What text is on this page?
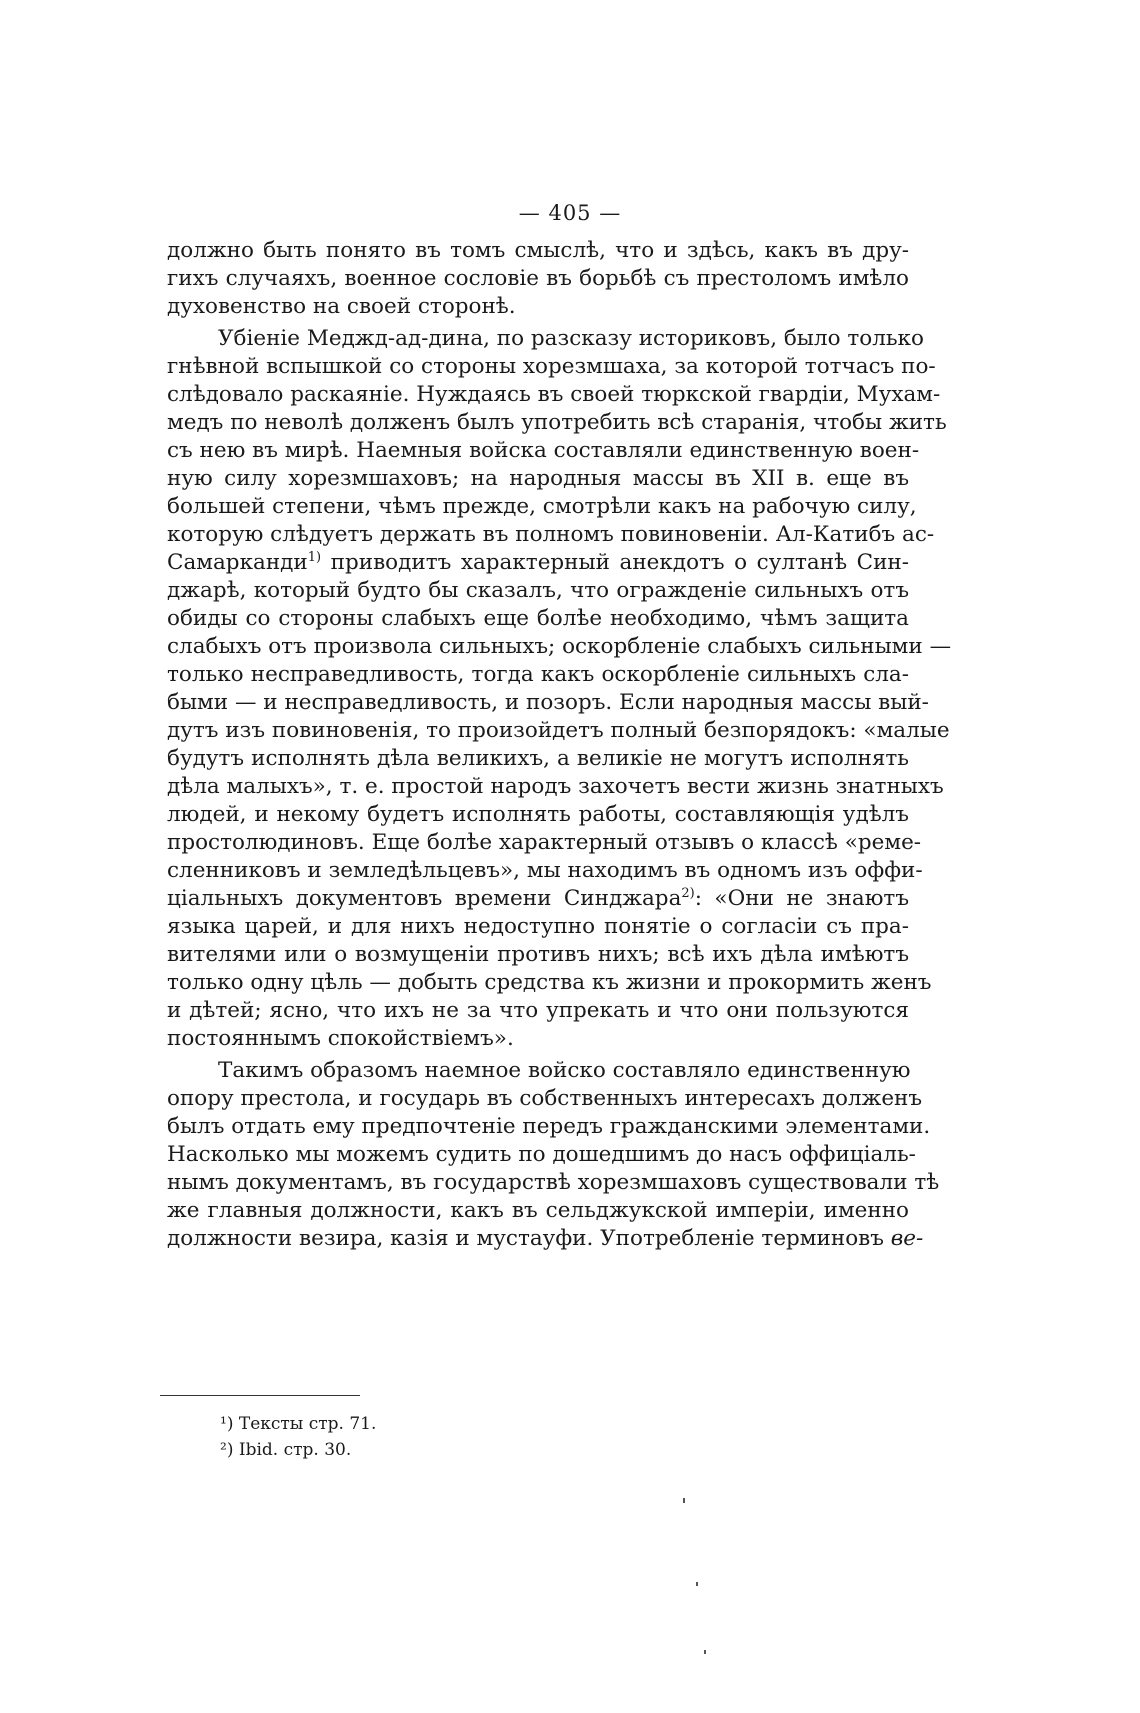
— 405 —
должно быть понято въ томъ смыслѣ, что и здѣсь, какъ въ дру-
гихъ случаяхъ, военное сословіе въ борьбѣ съ престоломъ имѣло
духовенство на своей сторонѣ.
Убіеніе Меджд-ад-дина, по разсказу историковъ, было только
гнѣвной вспышкой со стороны хорезмшаха, за которой тотчасъ по-
слѣдовало раскаяніе. Нуждаясь въ своей тюркской гвардіи, Мухам-
медъ по неволѣ долженъ былъ употребить всѣ старанія, чтобы жить
съ нею въ мирѣ. Наемныя войска составляли единственную воен-
ную силу хорезмшаховъ; на народныя массы въ XII в. еще въ
большей степени, чѣмъ прежде, смотрѣли какъ на рабочую силу,
которую слѣдуетъ держать въ полномъ повиновеніи. Ал-Катибъ ас-
Самарканди$^{1)}$ приводитъ характерный анекдотъ о султанѣ Син-
джарѣ, который будто бы сказалъ, что огражденіе сильныхъ отъ
обиды со стороны слабыхъ еще болѣе необходимо, чѣмъ защита
слабыхъ отъ произвола сильныхъ; оскорбленіе слабыхъ сильными —
только несправедливость, тогда какъ оскорбленіе сильныхъ сла-
быми — и несправедливость, и позоръ. Если народныя массы вый-
дутъ изъ повиновенія, то произойдетъ полный безпорядокъ: «малые
будутъ исполнять дѣла великихъ, а великіе не могутъ исполнять
дѣла малыхъ», т. е. простой народъ захочетъ вести жизнь знатныхъ
людей, и некому будетъ исполнять работы, составляющія удѣлъ
простолюдиновъ. Еще болѣе характерный отзывъ о классѣ «реме-
сленниковъ и земледѣльцевъ», мы находимъ въ одномъ изъ оффи-
ціальныхъ документовъ времени Синджара$^{2)}$: «Они не знаютъ
языка царей, и для нихъ недоступно понятіе о согласіи съ пра-
вителями или о возмущеніи противъ нихъ; всѣ ихъ дѣла имѣютъ
только одну цѣль — добыть средства къ жизни и прокормить женъ
и дѣтей; ясно, что ихъ не за что упрекать и что они пользуются
постояннымъ спокойствіемъ».
Такимъ образомъ наемное войско составляло единственную
опору престола, и государь въ собственныхъ интересахъ долженъ
былъ отдать ему предпочтеніе передъ гражданскими элементами.
Насколько мы можемъ судить по дошедшимъ до насъ оффиціаль-
нымъ документамъ, въ государствѣ хорезмшаховъ существовали тѣ
же главныя должности, какъ въ сельджукской имперіи, именно
должности везира, казія и мустауфи. Употребленіе терминовъ ве-
¹) Тексты стр. 71.
²) Ibid. стр. 30.
